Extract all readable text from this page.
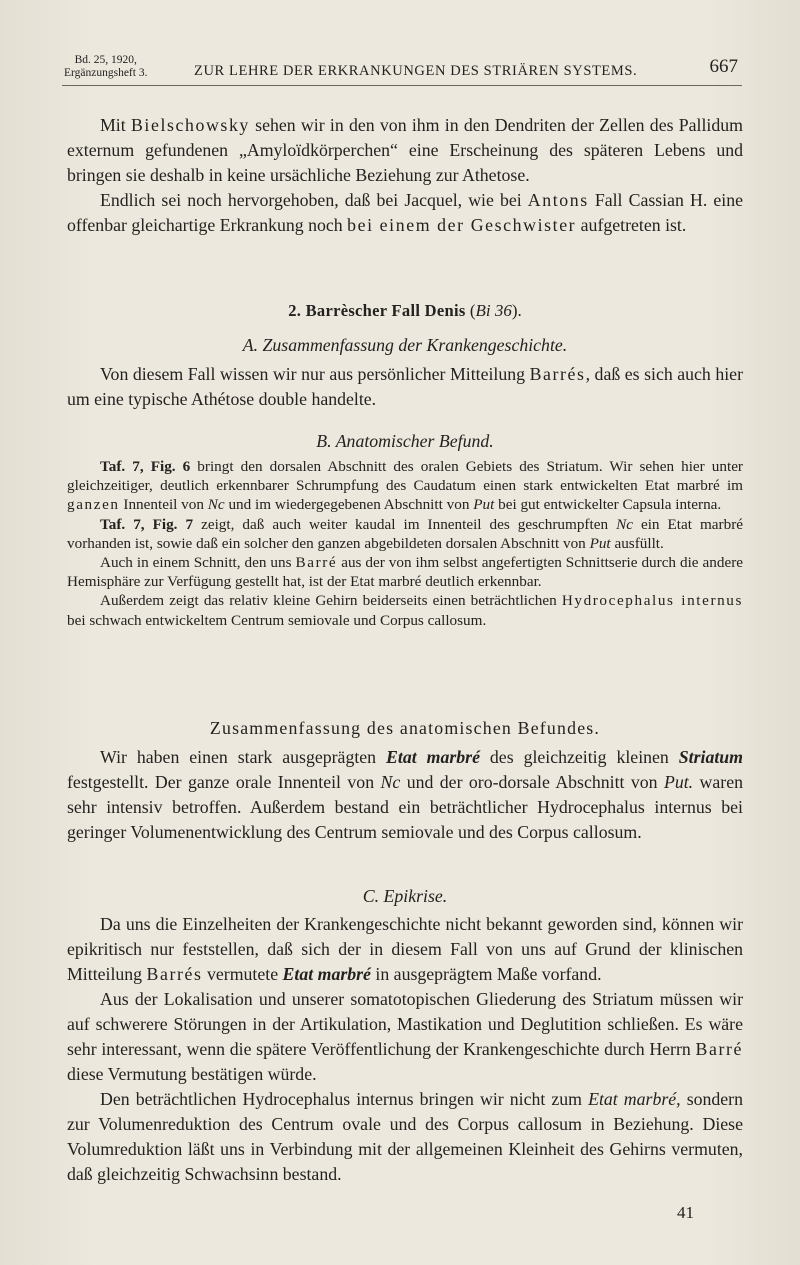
Bd. 25, 1920,
Ergänzungsheft 3.	ZUR LEHRE DER ERKRANKUNGEN DES STRIÄREN SYSTEMS.	667

Mit Bielschowsky sehen wir in den von ihm in den Dendriten der Zellen des Pallidum externum gefundenen „Amyloïdkörperchen“ eine Erscheinung des späteren Lebens und bringen sie deshalb in keine ursächliche Beziehung zur Athetose.

Endlich sei noch hervorgehoben, daß bei Jacquel, wie bei Antons Fall Cassian H. eine offenbar gleichartige Erkrankung noch bei einem der Geschwister aufgetreten ist.

2. Barrèscher Fall Denis (Bi 36).
A. Zusammenfassung der Krankengeschichte.

Von diesem Fall wissen wir nur aus persönlicher Mitteilung Barrés, daß es sich auch hier um eine typische Athétose double handelte.

B. Anatomischer Befund.

Taf. 7, Fig. 6 bringt den dorsalen Abschnitt des oralen Gebiets des Striatum. Wir sehen hier unter gleichzeitiger, deutlich erkennbarer Schrumpfung des Caudatum einen stark entwickelten Etat marbré im ganzen Innenteil von Nc und im wiedergegebenen Abschnitt von Put bei gut entwickelter Capsula interna.

Taf. 7, Fig. 7 zeigt, daß auch weiter kaudal im Innenteil des geschrumpften Nc ein Etat marbré vorhanden ist, sowie daß ein solcher den ganzen abgebildeten dorsalen Abschnitt von Put ausfüllt.

Auch in einem Schnitt, den uns Barré aus der von ihm selbst angefertigten Schnittserie durch die andere Hemisphäre zur Verfügung gestellt hat, ist der Etat marbré deutlich erkennbar.

Außerdem zeigt das relativ kleine Gehirn beiderseits einen beträchtlichen Hydrocephalus internus bei schwach entwickeltem Centrum semiovale und Corpus callosum.

Zusammenfassung des anatomischen Befundes.

Wir haben einen stark ausgeprägten Etat marbré des gleichzeitig kleinen Striatum festgestellt. Der ganze orale Innenteil von Nc und der oro-dorsale Abschnitt von Put. waren sehr intensiv betroffen. Außerdem bestand ein beträchtlicher Hydrocephalus internus bei geringer Volumenentwicklung des Centrum semiovale und des Corpus callosum.

C. Epikrise.

Da uns die Einzelheiten der Krankengeschichte nicht bekannt geworden sind, können wir epikritisch nur feststellen, daß sich der in diesem Fall von uns auf Grund der klinischen Mitteilung Barrés vermutete Etat marbré in ausgeprägtem Maße vorfand.

Aus der Lokalisation und unserer somatotopischen Gliederung des Striatum müssen wir auf schwerere Störungen in der Artikulation, Mastikation und Deglutition schließen. Es wäre sehr interessant, wenn die spätere Veröffentlichung der Krankengeschichte durch Herrn Barré diese Vermutung bestätigen würde.

Den beträchtlichen Hydrocephalus internus bringen wir nicht zum Etat marbré, sondern zur Volumenreduktion des Centrum ovale und des Corpus callosum in Beziehung. Diese Volumreduktion läßt uns in Verbindung mit der allgemeinen Kleinheit des Gehirns vermuten, daß gleichzeitig Schwachsinn bestand.

41
